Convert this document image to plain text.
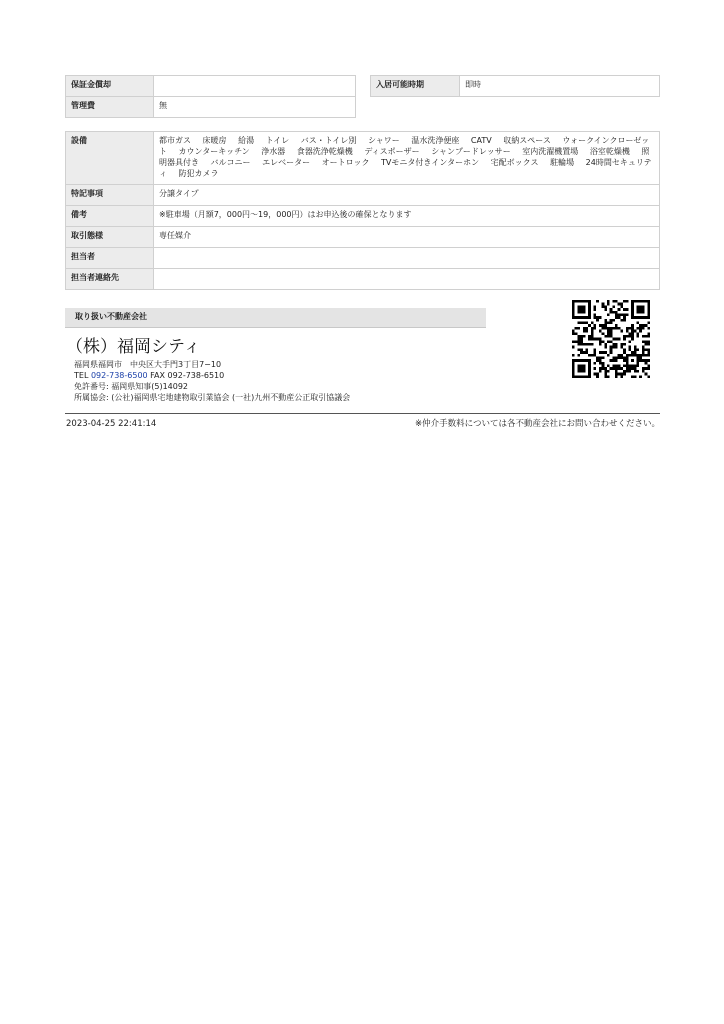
保証金償却	
管理費	無
入居可能時期	即時
設備	都市ガス 床暖房 給湯 トイレ バス・トイレ別 シャワー 温水洗浄便座 CATV 収納スペース ウォークインクローゼット カウンターキッチン 浄水器 食器洗浄乾燥機 ディスポーザー シャンプードレッサー 室内洗濯機置場 浴室乾燥機 照明器具付き バルコニー エレベーター オートロック TVモニタ付きインターホン 宅配ボックス 駐輪場 24時間セキュリティ 防犯カメラ
特記事項	分譲タイプ
備考	※駐車場（月額7，000円〜19，000円）はお申込後の確保となります
取引態様	専任媒介
担当者	
担当者連絡先	
取り扱い不動産会社
（株）福岡シティ
福岡県福岡市　中央区大手門3丁目7−10
TEL 092-738-6500 FAX 092-738-6510
免許番号: 福岡県知事(5)14092
所属協会: (公社)福岡県宅地建物取引業協会 (一社)九州不動産公正取引協議会
2023-04-25 22:41:14	※仲介手数料については各不動産会社にお問い合わせください。
